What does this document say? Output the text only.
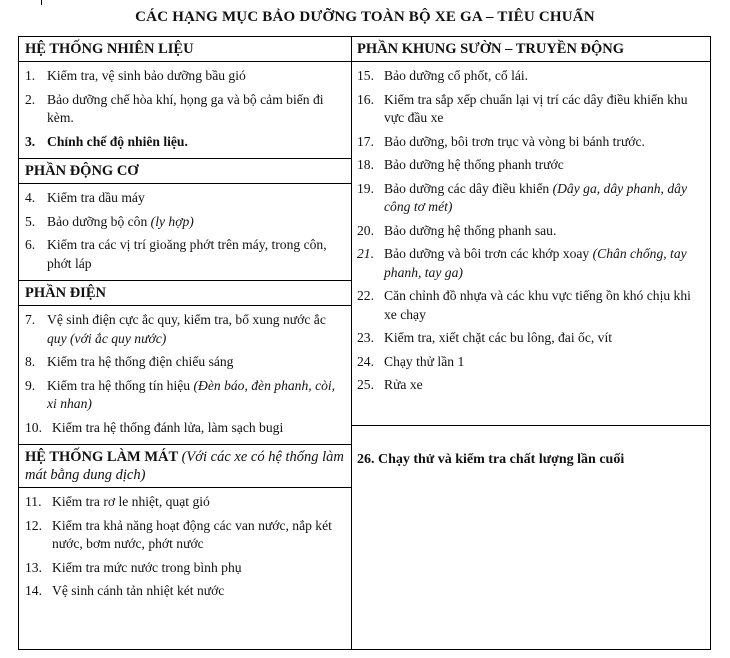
CÁC HẠNG MỤC BẢO DƯỠNG TOÀN BỘ XE GA – TIÊU CHUẨN
HỆ THỐNG NHIÊN LIỆU
1. Kiểm tra, vệ sinh bảo dưỡng bầu gió
2. Bảo dưỡng chế hòa khí, họng ga và bộ cảm biến đi kèm.
3. Chỉnh chế độ nhiên liệu.
PHẦN ĐỘNG CƠ
4. Kiểm tra dầu máy
5. Bảo dưỡng bộ côn (ly hợp)
6. Kiểm tra các vị trí gioăng phớt trên máy, trong côn, phớt láp
PHẦN ĐIỆN
7. Vệ sinh điện cực ắc quy, kiểm tra, bổ xung nước ắc quy (với ắc quy nước)
8. Kiểm tra hệ thống điện chiếu sáng
9. Kiểm tra hệ thống tín hiệu (Đèn báo, đèn phanh, còi, xi nhan)
10. Kiểm tra hệ thống đánh lửa, làm sạch bugi
HỆ THỐNG LÀM MÁT (Với các xe có hệ thống làm mát bằng dung dịch)
11. Kiểm tra rơ le nhiệt, quạt gió
12. Kiểm tra khả năng hoạt động các van nước, nắp két nước, bơm nước, phớt nước
13. Kiểm tra mức nước trong bình phụ
14. Vệ sinh cánh tản nhiệt két nước
PHẦN KHUNG SƯỜN – TRUYỀN ĐỘNG
15. Bảo dưỡng cổ phốt, cổ lái.
16. Kiểm tra sắp xếp chuẩn lại vị trí các dây điều khiển khu vực đầu xe
17. Bảo dưỡng, bôi trơn trục và vòng bi bánh trước.
18. Bảo dưỡng hệ thống phanh trước
19. Bảo dưỡng các dây điều khiển (Dây ga, dây phanh, dây công tơ mét)
20. Bảo dưỡng hệ thống phanh sau.
21. Bảo dưỡng và bôi trơn các khớp xoay (Chân chống, tay phanh, tay ga)
22. Căn chỉnh đồ nhựa và các khu vực tiếng ồn khó chịu khi xe chạy
23. Kiểm tra, xiết chặt các bu lông, đai ốc, vít
24. Chạy thử lần 1
25. Rửa xe
26. Chạy thử và kiểm tra chất lượng lần cuối
